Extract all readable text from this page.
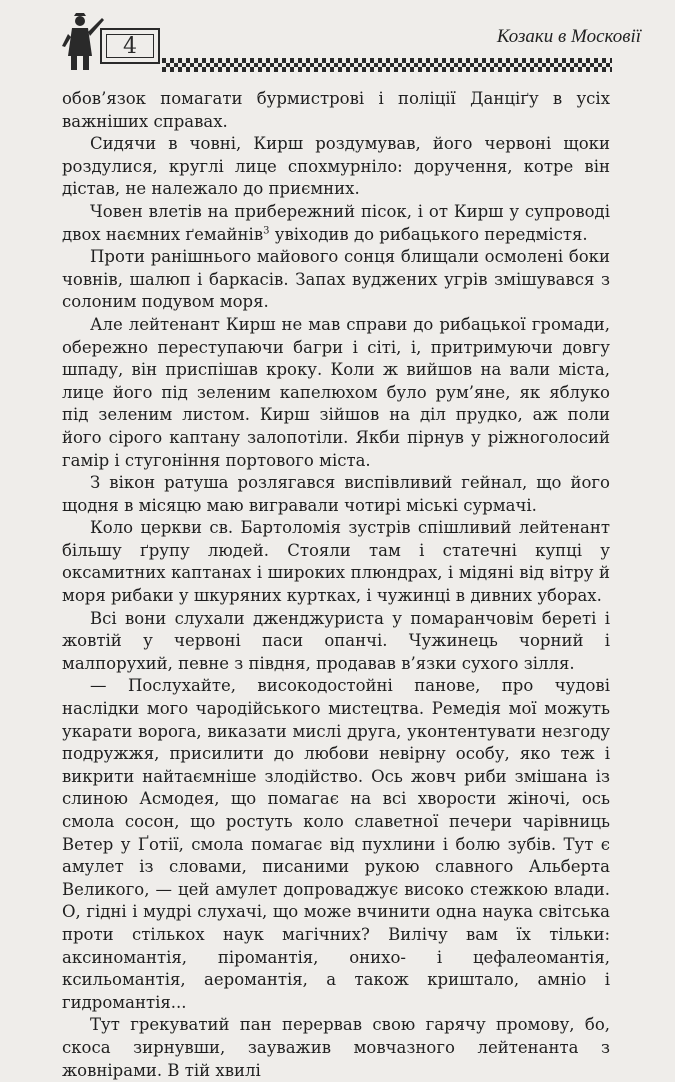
4	Козаки в Московії

обов’язок помагати бурмистрові і поліції Данціґу в усіх важніших справах.

Сидячи в човні, Кирш роздумував, його червоні щоки роздулися, круглі лице спохмурніло: доручення, котре він дістав, не належало до приємних.

Човен влетів на прибережний пісок, і от Кирш у супроводі двох наємних ґемайнів$^3$ увіходив до рибацького передмістя.

Проти ранішнього майового сонця блищали осмолені боки човнів, шалюп і баркасів. Запах вуджених угрів змішувався з солоним подувом моря.

Але лейтенант Кирш не мав справи до рибацької громади, обережно переступаючи багри і сіті, і, притримуючи довгу шпаду, він приспішав кроку. Коли ж вийшов на вали міста, лице його під зеленим капелюхом було рум’яне, як яблуко під зеленим листом. Кирш зійшов на діл прудко, аж поли його сірого каптану залопотіли. Якби пірнув у ріжноголосий гамір і стугоніння портового міста.

З вікон ратуша розлягався виспівливий гейнал, що його щодня в місяцю маю вигравали чотирі міські сурмачі.

Коло церкви св. Бартоломія зустрів спішливий лейтенант більшу ґрупу людей. Стояли там і статечні купці у оксамитних каптанах і широких плюндрах, і мідяні від вітру й моря рибаки у шкуряних куртках, і чужинці в дивних уборах.

Всі вони слухали дженджуриста у помаранчовім береті і жовтій у червоні паси опанчі. Чужинець чорний і малпорухий, певне з півдня, продавав в’язки сухого зілля.

— Послухайте, високодостойні панове, про чудові наслідки мого чародійського мистецтва. Ремедія мої можуть укарати ворога, виказати мислі друга, уконтентувати незгоду подружжя, присилити до любови невірну особу, яко теж і викрити найтаємніше злодійство. Ось жовч риби змішана із слиною Асмодея, що помагає на всі хворости жіночі, ось смола сосон, що ростуть коло славетної печери чарівниць Ветер у Ґотії, смола помагає від пухлини і болю зубів. Тут є амулет із словами, писаними рукою славного Альберта Великого, — цей амулет допроваджує високо стежкою влади. О, гідні і мудрі слухачі, що може вчинити одна наука світська проти стількох наук магічних? Вилічу вам їх тільки: аксиномантія, піромантія, онихо- і цефалеомантія, ксильомантія, аеромантія, а також кришталo, амніо і гидромантія...

Тут грекуватий пан перервав свою гарячу промову, бо, скоса зирнувши, зауважив мовчазного лейтенанта з жовнірами. В тій хвилі
